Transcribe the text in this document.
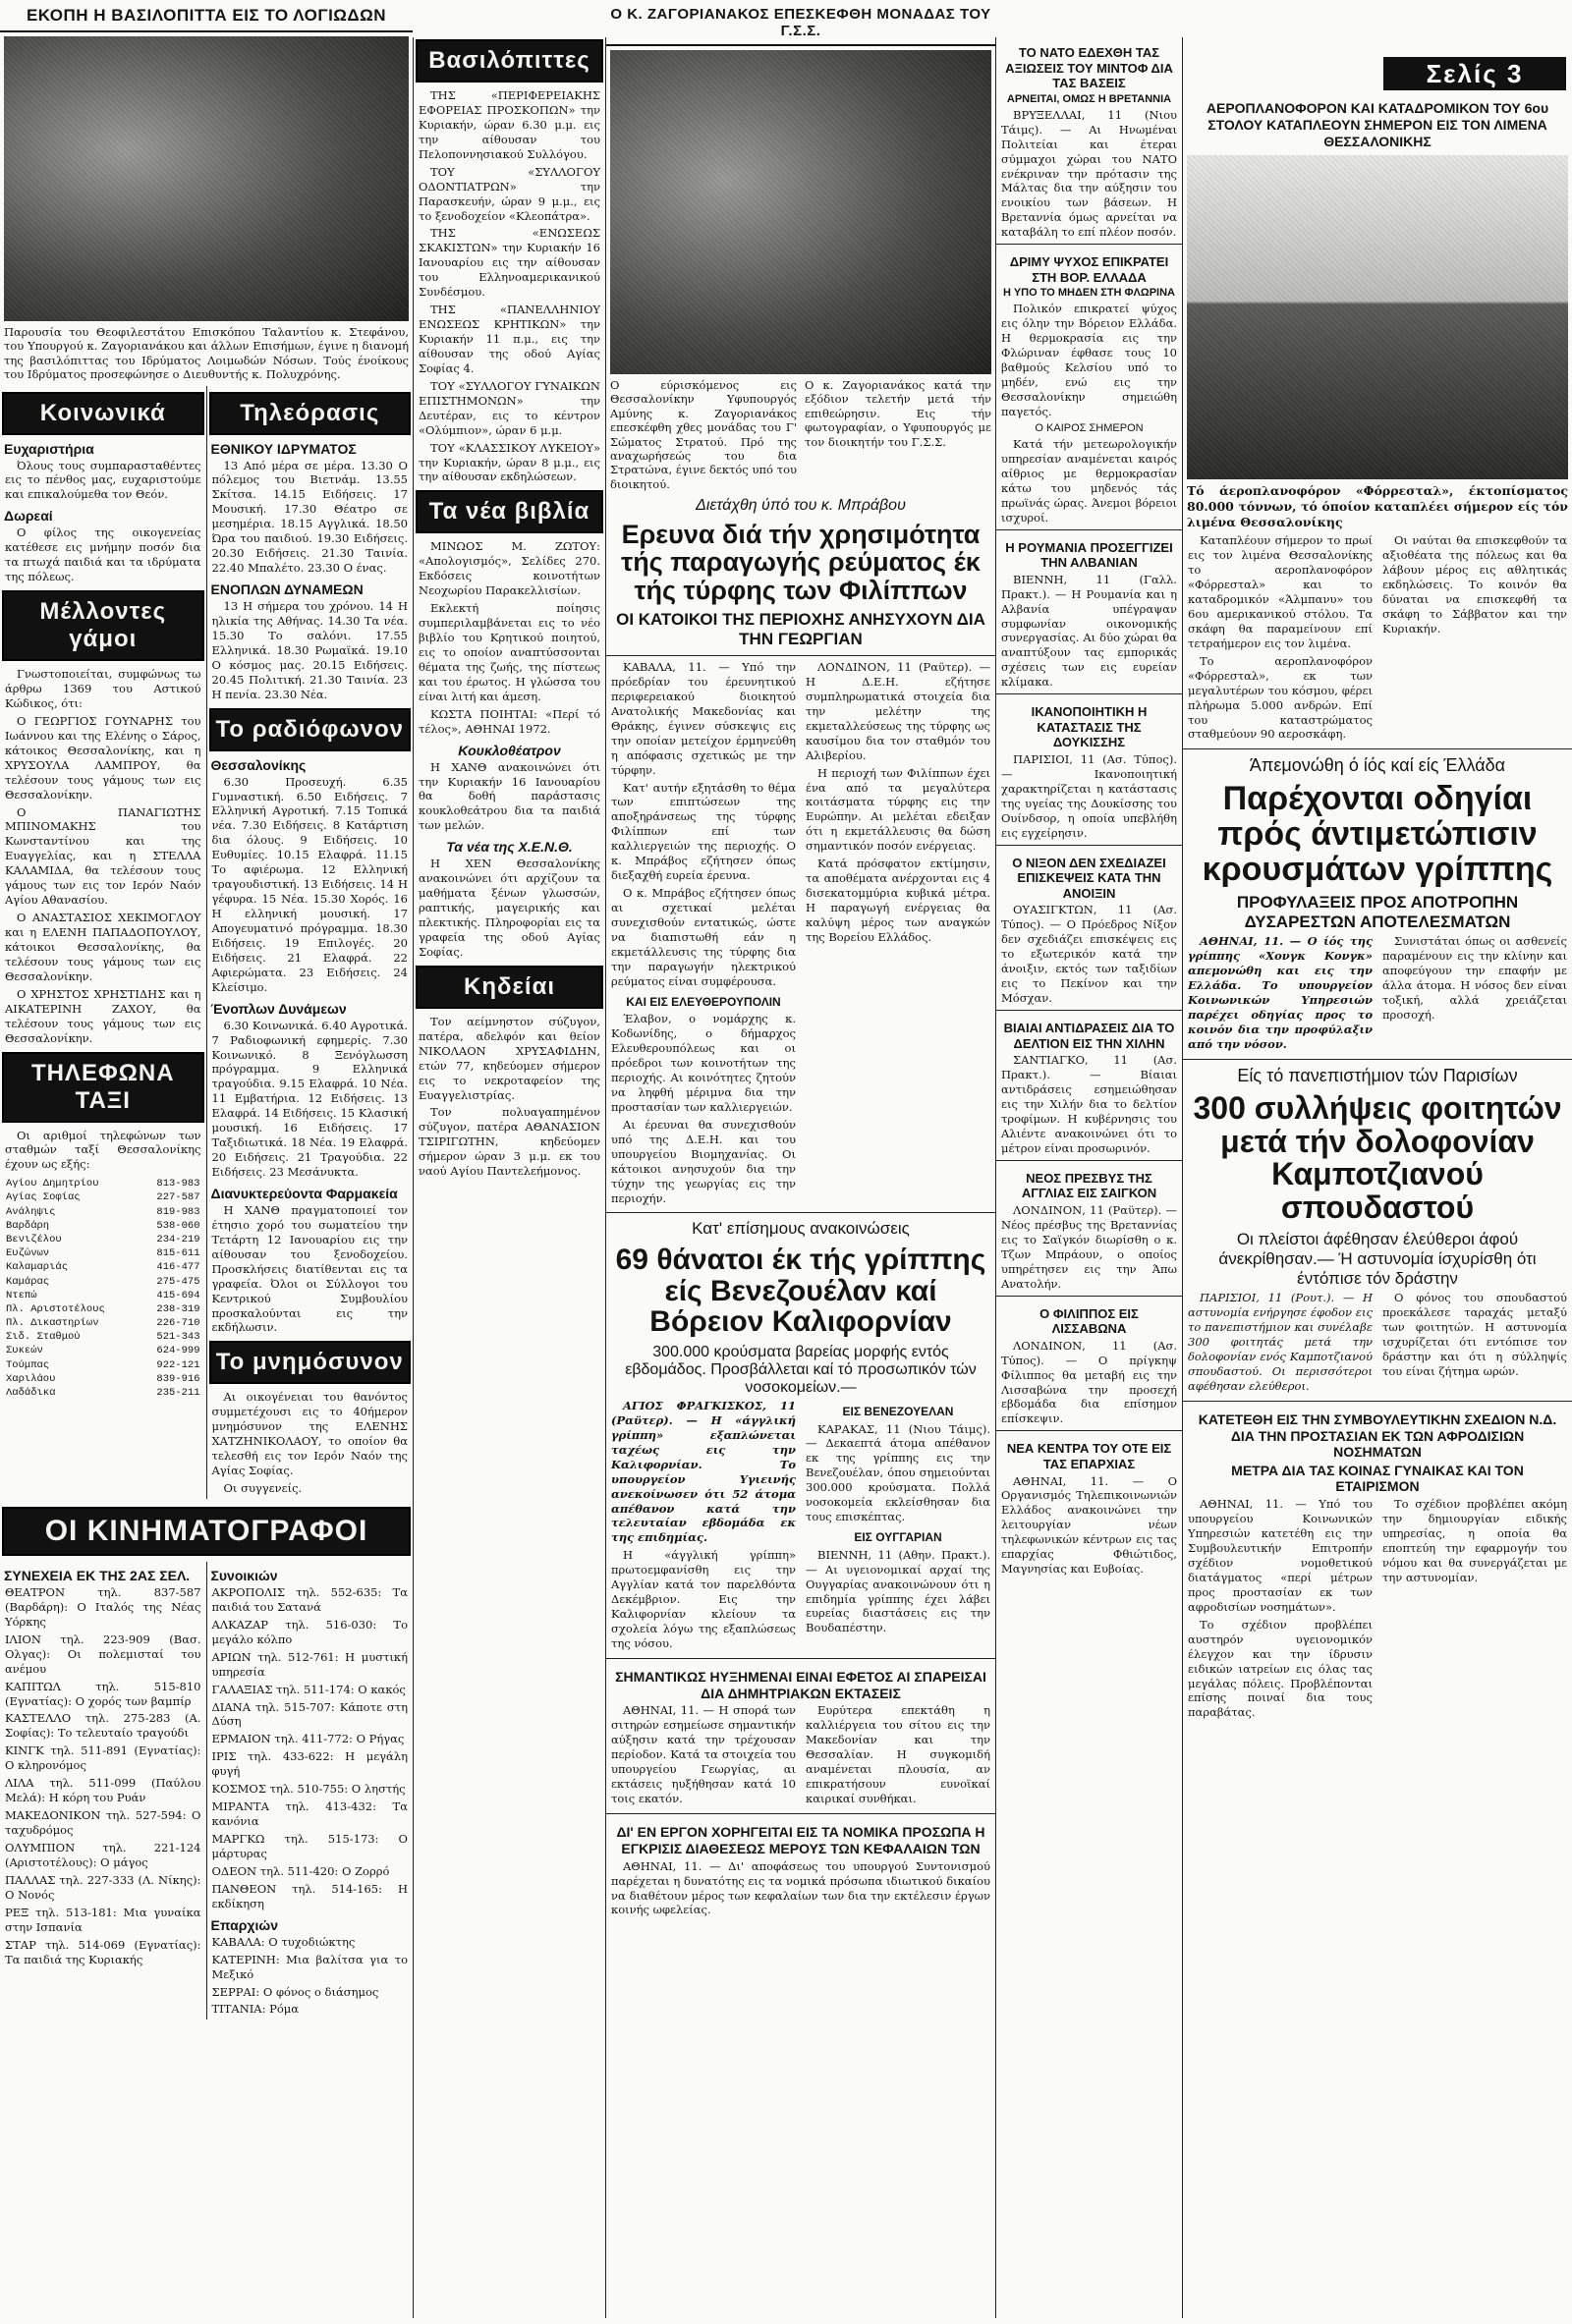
ΕΚΟΠΗ Η ΒΑΣΙΛΟΠΙΤΤΑ ΕΙΣ ΤΟ ΛΟΓΙΩΔΩΝ
Παρουσία του Θεοφιλεστάτου Επισκόπου Ταλαντίου κ. Στεφάνου, του Υπουργού κ. Ζαγοριανάκου και άλλων Επισήμων, έγινε η διανομή της βασιλόπιττας του Ιδρύματος Λοιμωδών Νόσων. Τούς ένοίκους του Ιδρύματος προσεφώνησε ο Διευθυντής κ. Πολυχρόνης.
Κοινωνικά
Ευχαριστήρια

Όλους τους συμπαρασταθέντες εις το πένθος μας, ευχαριστούμε και επικαλούμεθα τον Θεόν.

Δωρεαί

Ο φίλος της οικογενείας κατέθεσε εις μνήμην ποσόν δια τα πτωχά παιδιά και τα ιδρύματα της πόλεως.

Μέλλοντες γάμοι

Γνωστοποιείται, συμφώνως τω άρθρω 1369 του Αστικού Κώδικος, ότι:

Ο ΓΕΩΡΓΙΟΣ ΓΟΥΝΑΡΗΣ του Ιωάννου και της Ελένης ο Σάρος, κάτοικος Θεσσαλονίκης, και η ΧΡΥΣΟΥΛΑ ΛΑΜΠΡΟΥ, θα τελέσουν τους γάμους των εις Θεσσαλονίκην.

Ο ΠΑΝΑΓΙΩΤΗΣ ΜΠΙΝΟΜΑΚΗΣ του Κωνσταντίνου και της Ευαγγελίας, και η ΣΤΕΛΛΑ ΚΑΛΑΜΙΔΑ, θα τελέσουν τους γάμους των εις τον Ιερόν Ναόν Αγίου Αθανασίου.

Ο ΑΝΑΣΤΑΣΙΟΣ ΧΕΚΙΜΟΓΛΟΥ και η ΕΛΕΝΗ ΠΑΠΑΔΟΠΟΥΛΟΥ, κάτοικοι Θεσσαλονίκης, θα τελέσουν τους γάμους των εις Θεσσαλονίκην.

Ο ΧΡΗΣΤΟΣ ΧΡΗΣΤΙΔΗΣ και η ΑΙΚΑΤΕΡΙΝΗ ΖΑΧΟΥ, θα τελέσουν τους γάμους των εις Θεσσαλονίκην.

ΤΗΛΕΦΩΝΑ ΤΑΞΙ

Οι αριθμοί τηλεφώνων των σταθμών ταξί Θεσσαλονίκης έχουν ως εξής:

Αγίου Δημητρίου	813-983
Αγίας Σοφίας	227-587
Ανάληψις	819-983
Βαρδάρη	538-060
Βενιζέλου	234-219
Ευζώνων	815-611
Καλαμαριάς	416-477
Καμάρας	275-475
Ντεπώ	415-694
Πλ. Αριστοτέλους	238-319
Πλ. Δικαστηρίων	226-710
Σιδ. Σταθμού	521-343
Συκεών	624-999
Τούμπας	922-121
Χαριλάου	839-916
Λαδάδικα	235-211
Τηλεόρασις
ΕΘΝΙΚΟΥ ΙΔΡΥΜΑΤΟΣ

13 Από μέρα σε μέρα. 13.30 Ο πόλεμος του Βιετνάμ. 13.55 Σκίτσα. 14.15 Ειδήσεις. 17 Μουσική. 17.30 Θέατρο σε μεσημέρια. 18.15 Αγγλικά. 18.50 Ώρα του παιδιού. 19.30 Ειδήσεις. 20.30 Ειδήσεις. 21.30 Ταινία. 22.40 Μπαλέτο. 23.30 Ο ένας.

ΕΝΟΠΛΩΝ ΔΥΝΑΜΕΩΝ

13 Η σήμερα του χρόνου. 14 Η ηλικία της Αθήνας. 14.30 Τα νέα. 15.30 Το σαλόνι. 17.55 Ελληνικά. 18.30 Ρωμαϊκά. 19.10 Ο κόσμος μας. 20.15 Ειδήσεις. 20.45 Πολιτική. 21.30 Ταινία. 23 Η πενία. 23.30 Νέα.

Το ραδιόφωνον
Θεσσαλονίκης

6.30 Προσευχή. 6.35 Γυμναστική. 6.50 Ειδήσεις. 7 Ελληνική Αγροτική. 7.15 Τοπικά νέα. 7.30 Ειδήσεις. 8 Κατάρτιση δια όλους. 9 Ειδήσεις. 10 Ευθυμίες. 10.15 Ελαφρά. 11.15 Το αφιέρωμα. 12 Ελληνική τραγουδιστική. 13 Ειδήσεις. 14 Η γέφυρα. 15 Νέα. 15.30 Χορός. 16 Η ελληνική μουσική. 17 Απογευματινό πρόγραμμα. 18.30 Ειδήσεις. 19 Επιλογές. 20 Ειδήσεις. 21 Ελαφρά. 22 Αφιερώματα. 23 Ειδήσεις. 24 Κλείσιμο.

Ένοπλων Δυνάμεων

6.30 Κοινωνικά. 6.40 Αγροτικά. 7 Ραδιοφωνική εφημερίς. 7.30 Κοινωνικό. 8 Ξενόγλωσση πρόγραμμα. 9 Ελληνικά τραγούδια. 9.15 Ελαφρά. 10 Νέα. 11 Εμβατήρια. 12 Ειδήσεις. 13 Ελαφρά. 14 Ειδήσεις. 15 Κλασική μουσική. 16 Ειδήσεις. 17 Ταξιδιωτικά. 18 Νέα. 19 Ελαφρά. 20 Ειδήσεις. 21 Τραγούδια. 22 Ειδήσεις. 23 Μεσάνυκτα.

Διανυκτερεύοντα Φαρμακεία

Η ΧΑΝΘ πραγματοποιεί τον έτησιο χορό του σωματείου την Τετάρτη 12 Ιανουαρίου εις την αίθουσαν του ξενοδοχείου. Προσκλήσεις διατίθενται εις τα γραφεία. Όλοι οι Σύλλογοι του Κεντρικού Συμβουλίου προσκαλούνται εις την εκδήλωσιν.

Το μνημόσυνον

Αι οικογένειαι του θανόντος συμμετέχουσι εις το 40ήμερον μνημόσυνον της ΕΛΕΝΗΣ ΧΑΤΖΗΝΙΚΟΛΑΟΥ, το οποίον θα τελεσθή εις τον Ιερόν Ναόν της Αγίας Σοφίας.

Οι συγγενείς.

ΟΙ ΚΙΝΗΜΑΤΟΓΡΑΦΟΙ
ΣΥΝΕΧΕΙΑ ΕΚ ΤΗΣ 2ΑΣ ΣΕΛ.

ΘΕΑΤΡΟΝ τηλ. 837-587 (Βαρδάρη): Ο Ιταλός της Νέας Υόρκης

ΙΛΙΟΝ τηλ. 223-909 (Βασ. Ολγας): Οι πολεμισταί του ανέμου

ΚΑΠΙΤΩΛ τηλ. 515-810 (Εγνατίας): Ο χορός των βαμπίρ

ΚΑΣΤΕΛΛΟ τηλ. 275-283 (Α. Σοφίας): Το τελευταίο τραγούδι

ΚΙΝΓΚ τηλ. 511-891 (Εγνατίας): Ο κληρονόμος

ΛΙΛΑ τηλ. 511-099 (Παύλου Μελά): Η κόρη του Ρυάν

ΜΑΚΕΔΟΝΙΚΟΝ τηλ. 527-594: Ο ταχυδρόμος

ΟΛΥΜΠΙΟΝ τηλ. 221-124 (Αριστοτέλους): Ο μάγος

ΠΑΛΛΑΣ τηλ. 227-333 (Λ. Νίκης): Ο Νονός

ΡΕΞ τηλ. 513-181: Μια γυναίκα στην Ισπανία

ΣΤΑΡ τηλ. 514-069 (Εγνατίας): Τα παιδιά της Κυριακής

Συνοικιών

ΑΚΡΟΠΟΛΙΣ τηλ. 552-635: Τα παιδιά του Σατανά

ΑΛΚΑΖΑΡ τηλ. 516-030: Το μεγάλο κόλπο

ΑΡΙΩΝ τηλ. 512-761: Η μυστική υπηρεσία

ΓΑΛΑΞΙΑΣ τηλ. 511-174: Ο κακός

ΔΙΑΝΑ τηλ. 515-707: Κάποτε στη Δύση

ΕΡΜΑΙΟΝ τηλ. 411-772: Ο Ρήγας

ΙΡΙΣ τηλ. 433-622: Η μεγάλη φυγή

ΚΟΣΜΟΣ τηλ. 510-755: Ο ληστής

ΜΙΡΑΝΤΑ τηλ. 413-432: Τα κανόνια

ΜΑΡΓΚΩ τηλ. 515-173: Ο μάρτυρας

ΟΔΕΟΝ τηλ. 511-420: Ο Ζορρό

ΠΑΝΘΕΟΝ τηλ. 514-165: Η εκδίκηση

Επαρχιών

ΚΑΒΑΛΑ: Ο τυχοδιώκτης

ΚΑΤΕΡΙΝΗ: Μια βαλίτσα για το Μεξικό

ΣΕΡΡΑΙ: Ο φόνος ο διάσημος

ΤΙΤΑΝΙΑ: Ρόμα

Βασιλόπιττες

ΤΗΣ «ΠΕΡΙΦΕΡΕΙΑΚΗΣ ΕΦΟΡΕΙΑΣ ΠΡΟΣΚΟΠΩΝ» την Κυριακήν, ώραν 6.30 μ.μ. εις την αίθουσαν του Πελοποννησιακού Συλλόγου.

ΤΟΥ «ΣΥΛΛΟΓΟΥ ΟΔΟΝΤΙΑΤΡΩΝ» την Παρασκευήν, ώραν 9 μ.μ., εις το ξενοδοχείον «Κλεοπάτρα».

ΤΗΣ «ΕΝΩΣΕΩΣ ΣΚΑΚΙΣΤΩΝ» την Κυριακήν 16 Ιανουαρίου εις την αίθουσαν του Ελληνοαμερικανικού Συνδέσμου.

ΤΗΣ «ΠΑΝΕΛΛΗΝΙΟΥ ΕΝΩΣΕΩΣ ΚΡΗΤΙΚΩΝ» την Κυριακήν 11 π.μ., εις την αίθουσαν της οδού Αγίας Σοφίας 4.

ΤΟΥ «ΣΥΛΛΟΓΟΥ ΓΥΝΑΙΚΩΝ ΕΠΙΣΤΗΜΟΝΩΝ» την Δευτέραν, εις το κέντρον «Ολύμπιον», ώραν 6 μ.μ.

ΤΟΥ «ΚΛΑΣΣΙΚΟΥ ΛΥΚΕΙΟΥ» την Κυριακήν, ώραν 8 μ.μ., εις την αίθουσαν εκδηλώσεων.

Τα νέα βιβλία

ΜΙΝΩΟΣ Μ. ΖΩΤΟΥ: «Απολογισμός», Σελίδες 270. Εκδόσεις κοινοτήτων Νεοχωρίου Παρακελλισίων.

Εκλεκτή ποίησις συμπεριλαμβάνεται εις το νέο βιβλίο του Κρητικού ποιητού, εις το οποίον αναπτύσσονται θέματα της ζωής, της πίστεως και του έρωτος. Η γλώσσα του είναι λιτή και άμεση.

ΚΩΣΤΑ ΠΟΙΗΤΑΙ: «Περί τό τέλος», ΑΘΗΝΑΙ 1972.

Κουκλοθέατρον

Η ΧΑΝΘ ανακοινώνει ότι την Κυριακήν 16 Ιανουαρίου θα δοθή παράστασις κουκλοθεάτρου δια τα παιδιά των μελών.

Τα νέα της Χ.Ε.Ν.Θ.

Η ΧΕΝ Θεσσαλονίκης ανακοινώνει ότι αρχίζουν τα μαθήματα ξένων γλωσσών, ραπτικής, μαγειρικής και πλεκτικής. Πληροφορίαι εις τα γραφεία της οδού Αγίας Σοφίας.

Κηδείαι

Τον αείμνηστον σύζυγον, πατέρα, αδελφόν και θείον ΝΙΚΟΛΑΟΝ ΧΡΥΣΑΦΙΔΗΝ, ετών 77, κηδεύομεν σήμερον εις το νεκροταφείον της Ευαγγελιστρίας.

Τον πολυαγαπημένον σύζυγον, πατέρα ΑΘΑΝΑΣΙΟΝ ΤΣΙΡΙΓΩΤΗΝ, κηδεύομεν σήμερον ώραν 3 μ.μ. εκ του ναού Αγίου Παντελεήμονος.

Ο Κ. ΖΑΓΟΡΙΑΝΑΚΟΣ ΕΠΕΣΚΕΦΘΗ ΜΟΝΑΔΑΣ ΤΟΥ Γ.Σ.Σ.
Ο εύρισκόμενος εις Θεσσαλονίκην Υφυπουργός Αμύνης κ. Ζαγοριανάκος επεσκέφθη χθες μονάδας του Γ' Σώματος Στρατού. Πρό της αναχωρήσεώς του δια Στρατώνα, έγινε δεκτός υπό του διοικητού.
Ο κ. Ζαγοριανάκος κατά την εξόδιον τελετήν μετά τήν επιθεώρησιν. Εις τήν φωτογραφίαν, ο Υφυπουργός με τον διοικητήν του Γ.Σ.Σ.
Διετάχθη ύπό του κ. Μπράβου
Ερευνα διά τήν χρησιμότητα τής παραγωγής ρεύματος έκ τής τύρφης των Φιλίππων
ΟΙ ΚΑΤΟΙΚΟΙ ΤΗΣ ΠΕΡΙΟΧΗΣ ΑΝΗΣΥΧΟΥΝ ΔΙΑ ΤΗΝ ΓΕΩΡΓΙΑΝ

ΚΑΒΑΛΑ, 11. — Υπό την πρόεδρίαν του έρευνητικού περιφερειακού διοικητού Ανατολικής Μακεδονίας και Θράκης, έγινεν σύσκεψις εις την οποίαν μετείχον έρμηνεύθη η απόφασις σχετικώς με την τύρφην.

Κατ' αυτήν εξητάσθη το θέμα των επιπτώσεων της αποξηράνσεως της τύρφης Φιλίππων επί των καλλιεργειών της περιοχής. Ο κ. Μπράβος εζήτησεν όπως διεξαχθή ευρεία έρευνα.

Ο κ. Μπράβος εζήτησεν όπως αι σχετικαί μελέται συνεχισθούν εντατικώς, ώστε να διαπιστωθή εάν η εκμετάλλευσις της τύρφης δια την παραγωγήν ηλεκτρικού ρεύματος είναι συμφέρουσα.

ΚΑΙ ΕΙΣ ΕΛΕΥΘΕΡΟΥΠΟΛΙΝ

Έλαβον, ο νομάρχης κ. Κοδωνίδης, ο δήμαρχος Ελευθερουπόλεως και οι πρόεδροι των κοινοτήτων της περιοχής. Αι κοινότητες ζητούν να ληφθή μέριμνα δια την προστασίαν των καλλιεργειών.

Αι έρευναι θα συνεχισθούν υπό της Δ.Ε.Η. και του υπουργείου Βιομηχανίας. Οι κάτοικοι ανησυχούν δια την τύχην της γεωργίας εις την περιοχήν.

ΛΟΝΔΙΝΟΝ, 11 (Ραϋτερ). — Η Δ.Ε.Η. εζήτησε συμπληρωματικά στοιχεία δια την μελέτην της εκμεταλλεύσεως της τύρφης ως καυσίμου δια τον σταθμόν του Αλιβερίου.

Η περιοχή των Φιλίππων έχει ένα από τα μεγαλύτερα κοιτάσματα τύρφης εις την Ευρώπην. Αι μελέται εδειξαν ότι η εκμετάλλευσις θα δώση σημαντικόν ποσόν ενέργειας.

Κατά πρόσφατον εκτίμησιν, τα αποθέματα ανέρχονται εις 4 δισεκατομμύρια κυβικά μέτρα. Η παραγωγή ενέργειας θα καλύψη μέρος των αναγκών της Βορείου Ελλάδος.

Κατ' επίσημους ανακοινώσεις
69 θάνατοι έκ τής γρίππης είς Βενεζουέλαν καί Βόρειον Καλιφορνίαν
300.000 κρούσματα βαρείας μορφής εντός εβδομάδος. Προσβάλλεται καί τό προσωπικόν τών νοσοκομείων.—

ΑΓΙΟΣ ΦΡΑΓΚΙΣΚΟΣ, 11 (Ραϋτερ). — Η «άγγλική γρίππη» εξαπλώνεται ταχέως εις την Καλιφορνίαν. Το υπουργείον Υγιεινής ανεκοίνωσεν ότι 52 άτομα απέθανον κατά την τελευταίαν εβδομάδα εκ της επιδημίας.

Η «άγγλική γρίππη» πρωτοεμφανίσθη εις την Αγγλίαν κατά τον παρελθόντα Δεκέμβριον. Εις την Καλιφορνίαν κλείουν τα σχολεία λόγω της εξαπλώσεως της νόσου.

ΕΙΣ ΒΕΝΕΖΟΥΕΛΑΝ

ΚΑΡΑΚΑΣ, 11 (Νιου Τάιμς). — Δεκαεπτά άτομα απέθανον εκ της γρίππης εις την Βενεζουέλαν, όπου σημειούνται 300.000 κρούσματα. Πολλά νοσοκομεία εκλείσθησαν δια τους επισκέπτας.

ΕΙΣ ΟΥΓΓΑΡΙΑΝ

ΒΙΕΝΝΗ, 11 (Αθην. Πρακτ.). — Αι υγειονομικαί αρχαί της Ουγγαρίας ανακοινώνουν ότι η επιδημία γρίππης έχει λάβει ευρείας διαστάσεις εις την Βουδαπέστην.

ΣΗΜΑΝΤΙΚΩΣ ΗΥΞΗΜΕΝΑΙ ΕΙΝΑΙ ΕΦΕΤΟΣ ΑΙ ΣΠΑΡΕΙΣΑΙ ΔΙΑ ΔΗΜΗΤΡΙΑΚΩΝ ΕΚΤΑΣΕΙΣ

ΑΘΗΝΑΙ, 11. — Η σπορά των σιτηρών εσημείωσε σημαντικήν αύξησιν κατά την τρέχουσαν περίοδον. Κατά τα στοιχεία του υπουργείου Γεωργίας, αι εκτάσεις ηυξήθησαν κατά 10 τοις εκατόν.

Ευρύτερα επεκτάθη η καλλιέργεια του σίτου εις την Μακεδονίαν και την Θεσσαλίαν. Η συγκομιδή αναμένεται πλουσία, αν επικρατήσουν ευνοϊκαί καιρικαί συνθήκαι.

ΔΙ' ΕΝ ΕΡΓΟΝ ΧΟΡΗΓΕΙΤΑΙ ΕΙΣ ΤΑ ΝΟΜΙΚΑ ΠΡΟΣΩΠΑ Η ΕΓΚΡΙΣΙΣ ΔΙΑΘΕΣΕΩΣ ΜΕΡΟΥΣ ΤΩΝ ΚΕΦΑΛΑΙΩΝ ΤΩΝ

ΑΘΗΝΑΙ, 11. — Δι' αποφάσεως του υπουργού Συντονισμού παρέχεται η δυνατότης εις τα νομικά πρόσωπα ιδιωτικού δικαίου να διαθέτουν μέρος των κεφαλαίων των δια την εκτέλεσιν έργων κοινής ωφελείας.

ΤΟ ΝΑΤΟ ΕΔΕΧΘΗ ΤΑΣ ΑΞΙΩΣΕΙΣ ΤΟΥ ΜΙΝΤΟΦ ΔΙΑ ΤΑΣ ΒΑΣΕΙΣ
ΑΡΝΕΙΤΑΙ, ΟΜΩΣ Η ΒΡΕΤΑΝΝΙΑ

ΒΡΥΞΕΛΛΑΙ, 11 (Νιου Τάιμς). — Αι Ηνωμέναι Πολιτείαι και έτεραι σύμμαχοι χώραι του ΝΑΤΟ ενέκριναν την πρότασιν της Μάλτας δια την αύξησιν του ενοικίου των βάσεων. Η Βρεταννία όμως αρνείται να καταβάλη το επί πλέον ποσόν.

ΔΡΙΜΥ ΨΥΧΟΣ ΕΠΙΚΡΑΤΕΙ ΣΤΗ ΒΟΡ. ΕΛΛΑΔΑ
Η ΥΠΟ ΤΟ ΜΗΔΕΝ ΣΤΗ ΦΛΩΡΙΝΑ

Πολικόν επικρατεί ψύχος εις όλην την Βόρειον Ελλάδα. Η θερμοκρασία εις την Φλώριναν έφθασε τους 10 βαθμούς Κελσίου υπό το μηδέν, ενώ εις την Θεσσαλονίκην σημειώθη παγετός.

Ο ΚΑΙΡΟΣ ΣΗΜΕΡΟΝ

Κατά τήν μετεωρολογικήν υπηρεσίαν αναμένεται καιρός αίθριος με θερμοκρασίαν κάτω του μηδενός τάς πρωϊνάς ώρας. Άνεμοι βόρειοι ισχυροί.

Η ΡΟΥΜΑΝΙΑ ΠΡΟΣΕΓΓΙΖΕΙ ΤΗΝ ΑΛΒΑΝΙΑΝ

ΒΙΕΝΝΗ, 11 (Γαλλ. Πρακτ.). — Η Ρουμανία και η Αλβανία υπέγραψαν συμφωνίαν οικονομικής συνεργασίας. Αι δύο χώραι θα αναπτύξουν τας εμπορικάς σχέσεις των εις ευρείαν κλίμακα.

ΙΚΑΝΟΠΟΙΗΤΙΚΗ Η ΚΑΤΑΣΤΑΣΙΣ ΤΗΣ ΔΟΥΚΙΣΣΗΣ

ΠΑΡΙΣΙΟΙ, 11 (Ασ. Τύπος). — Ικανοποιητική χαρακτηρίζεται η κατάστασις της υγείας της Δουκίσσης του Ουίνδσορ, η οποία υπεβλήθη εις εγχείρησιν.

Ο ΝΙΞΟΝ ΔΕΝ ΣΧΕΔΙΑΖΕΙ ΕΠΙΣΚΕΨΕΙΣ ΚΑΤΑ ΤΗΝ ΑΝΟΙΞΙΝ

ΟΥΑΣΙΓΚΤΩΝ, 11 (Ασ. Τύπος). — Ο Πρόεδρος Νίξον δεν σχεδιάζει επισκέψεις εις το εξωτερικόν κατά την άνοιξιν, εκτός των ταξιδίων εις το Πεκίνον και την Μόσχαν.

ΒΙΑΙΑΙ ΑΝΤΙΔΡΑΣΕΙΣ ΔΙΑ ΤΟ ΔΕΛΤΙΟΝ ΕΙΣ ΤΗΝ ΧΙΛΗΝ

ΣΑΝΤΙΑΓΚΟ, 11 (Ασ. Πρακτ.). — Βίαιαι αντιδράσεις εσημειώθησαν εις την Χιλήν δια το δελτίον τροφίμων. Η κυβέρνησις του Αλιέντε ανακοινώνει ότι το μέτρον είναι προσωρινόν.

ΝΕΟΣ ΠΡΕΣΒΥΣ ΤΗΣ ΑΓΓΛΙΑΣ ΕΙΣ ΣΑΙΓΚΟΝ

ΛΟΝΔΙΝΟΝ, 11 (Ραϋτερ). — Νέος πρέσβυς της Βρεταννίας εις το Σαϊγκόν διωρίσθη ο κ. Τζων Μπράουν, ο οποίος υπηρέτησεν εις την Άπω Ανατολήν.

Ο ΦΙΛΙΠΠΟΣ ΕΙΣ ΛΙΣΣΑΒΩΝΑ

ΛΟΝΔΙΝΟΝ, 11 (Ασ. Τύπος). — Ο πρίγκηψ Φίλιππος θα μεταβή εις την Λισσαβώνα την προσεχή εβδομάδα δια επίσημον επίσκεψιν.

ΝΕΑ ΚΕΝΤΡΑ ΤΟΥ ΟΤΕ ΕΙΣ ΤΑΣ ΕΠΑΡΧΙΑΣ

ΑΘΗΝΑΙ, 11. — Ο Οργανισμός Τηλεπικοινωνιών Ελλάδος ανακοινώνει την λειτουργίαν νέων τηλεφωνικών κέντρων εις τας επαρχίας Φθιώτιδος, Μαγνησίας και Ευβοίας.

Σελίς 3
ΑΕΡΟΠΛΑΝΟΦΟΡΟΝ ΚΑΙ ΚΑΤΑΔΡΟΜΙΚΟΝ ΤΟΥ 6ου ΣΤΟΛΟΥ ΚΑΤΑΠΛΕΟΥΝ ΣΗΜΕΡΟΝ ΕΙΣ ΤΟΝ ΛΙΜΕΝΑ ΘΕΣΣΑΛΟΝΙΚΗΣ
Τό άεροπλανοφόρον «Φόρρεσταλ», έκτοπίσματος 80.000 τόννων, τό όποίον καταπλέει σήμερον είς τόν λιμένα Θεσσαλονίκης

Καταπλέουν σήμερον το πρωί εις τον λιμένα Θεσσαλονίκης το αεροπλανοφόρον «Φόρρεσταλ» και το καταδρομικόν «Άλμπανυ» του 6ου αμερικανικού στόλου. Τα σκάφη θα παραμείνουν επί τετραήμερον εις τον λιμένα.

Το αεροπλανοφόρον «Φόρρεσταλ», εκ των μεγαλυτέρων του κόσμου, φέρει πλήρωμα 5.000 ανδρών. Επί του καταστρώματος σταθμεύουν 90 αεροσκάφη.

Οι ναύται θα επισκεφθούν τα αξιοθέατα της πόλεως και θα λάβουν μέρος εις αθλητικάς εκδηλώσεις. Το κοινόν θα δύναται να επισκεφθή τα σκάφη το Σάββατον και την Κυριακήν.

Άπεμονώθη ό ίός καί είς Έλλάδα
Παρέχονται οδηγίαι πρός άντιμετώπισιν κρουσμάτων γρίππης
ΠΡΟΦΥΛΑΞΕΙΣ ΠΡΟΣ ΑΠΟΤΡΟΠΗΝ ΔΥΣΑΡΕΣΤΩΝ ΑΠΟΤΕΛΕΣΜΑΤΩΝ

ΑΘΗΝΑΙ, 11. — Ο ίός της γρίππης «Χονγκ Κονγκ» απεμονώθη και εις την Ελλάδα. Το υπουργείον Κοινωνικών Υπηρεσιών παρέχει οδηγίας προς το κοινόν δια την προφύλαξιν από την νόσον.

Συνιστάται όπως οι ασθενείς παραμένουν εις την κλίνην και αποφεύγουν την επαφήν με άλλα άτομα. Η νόσος δεν είναι τοξική, αλλά χρειάζεται προσοχή.

Είς τό πανεπιστήμιον τών Παρισίων
300 συλλήψεις φοιτητών μετά τήν δολοφονίαν Καμποτζιανού σπουδαστού
Οι πλείστοι άφέθησαν έλεύθεροι άφού άνεκρίθησαν.— Ή αστυνομία ίσχυρίσθη ότι έντόπισε τόν δράστην

ΠΑΡΙΣΙΟΙ, 11 (Ρουτ.). — Η αστυνομία ενήργησε έφοδον εις το πανεπιστήμιον και συνέλαβε 300 φοιτητάς μετά την δολοφονίαν ενός Καμποτζιανού σπουδαστού. Οι περισσότεροι αφέθησαν ελεύθεροι.

Ο φόνος του σπουδαστού προεκάλεσε ταραχάς μεταξύ των φοιτητών. Η αστυνομία ισχυρίζεται ότι εντόπισε τον δράστην και ότι η σύλληψίς του είναι ζήτημα ωρών.

ΚΑΤΕΤΕΘΗ ΕΙΣ ΤΗΝ ΣΥΜΒΟΥΛΕΥΤΙΚΗΝ ΣΧΕΔΙΟΝ Ν.Δ. ΔΙΑ ΤΗΝ ΠΡΟΣΤΑΣΙΑΝ ΕΚ ΤΩΝ ΑΦΡΟΔΙΣΙΩΝ ΝΟΣΗΜΑΤΩΝ
ΜΕΤΡΑ ΔΙΑ ΤΑΣ ΚΟΙΝΑΣ ΓΥΝΑΙΚΑΣ ΚΑΙ ΤΟΝ ΕΤΑΙΡΙΣΜΟΝ

ΑΘΗΝΑΙ, 11. — Υπό του υπουργείου Κοινωνικών Υπηρεσιών κατετέθη εις την Συμβουλευτικήν Επιτροπήν σχέδιον νομοθετικού διατάγματος «περί μέτρων προς προστασίαν εκ των αφροδισίων νοσημάτων».

Το σχέδιον προβλέπει αυστηρόν υγειονομικόν έλεγχον και την ίδρυσιν ειδικών ιατρείων εις όλας τας μεγάλας πόλεις. Προβλέπονται επίσης ποιναί δια τους παραβάτας.

Το σχέδιον προβλέπει ακόμη την δημιουργίαν ειδικής υπηρεσίας, η οποία θα εποπτεύη την εφαρμογήν του νόμου και θα συνεργάζεται με την αστυνομίαν.
